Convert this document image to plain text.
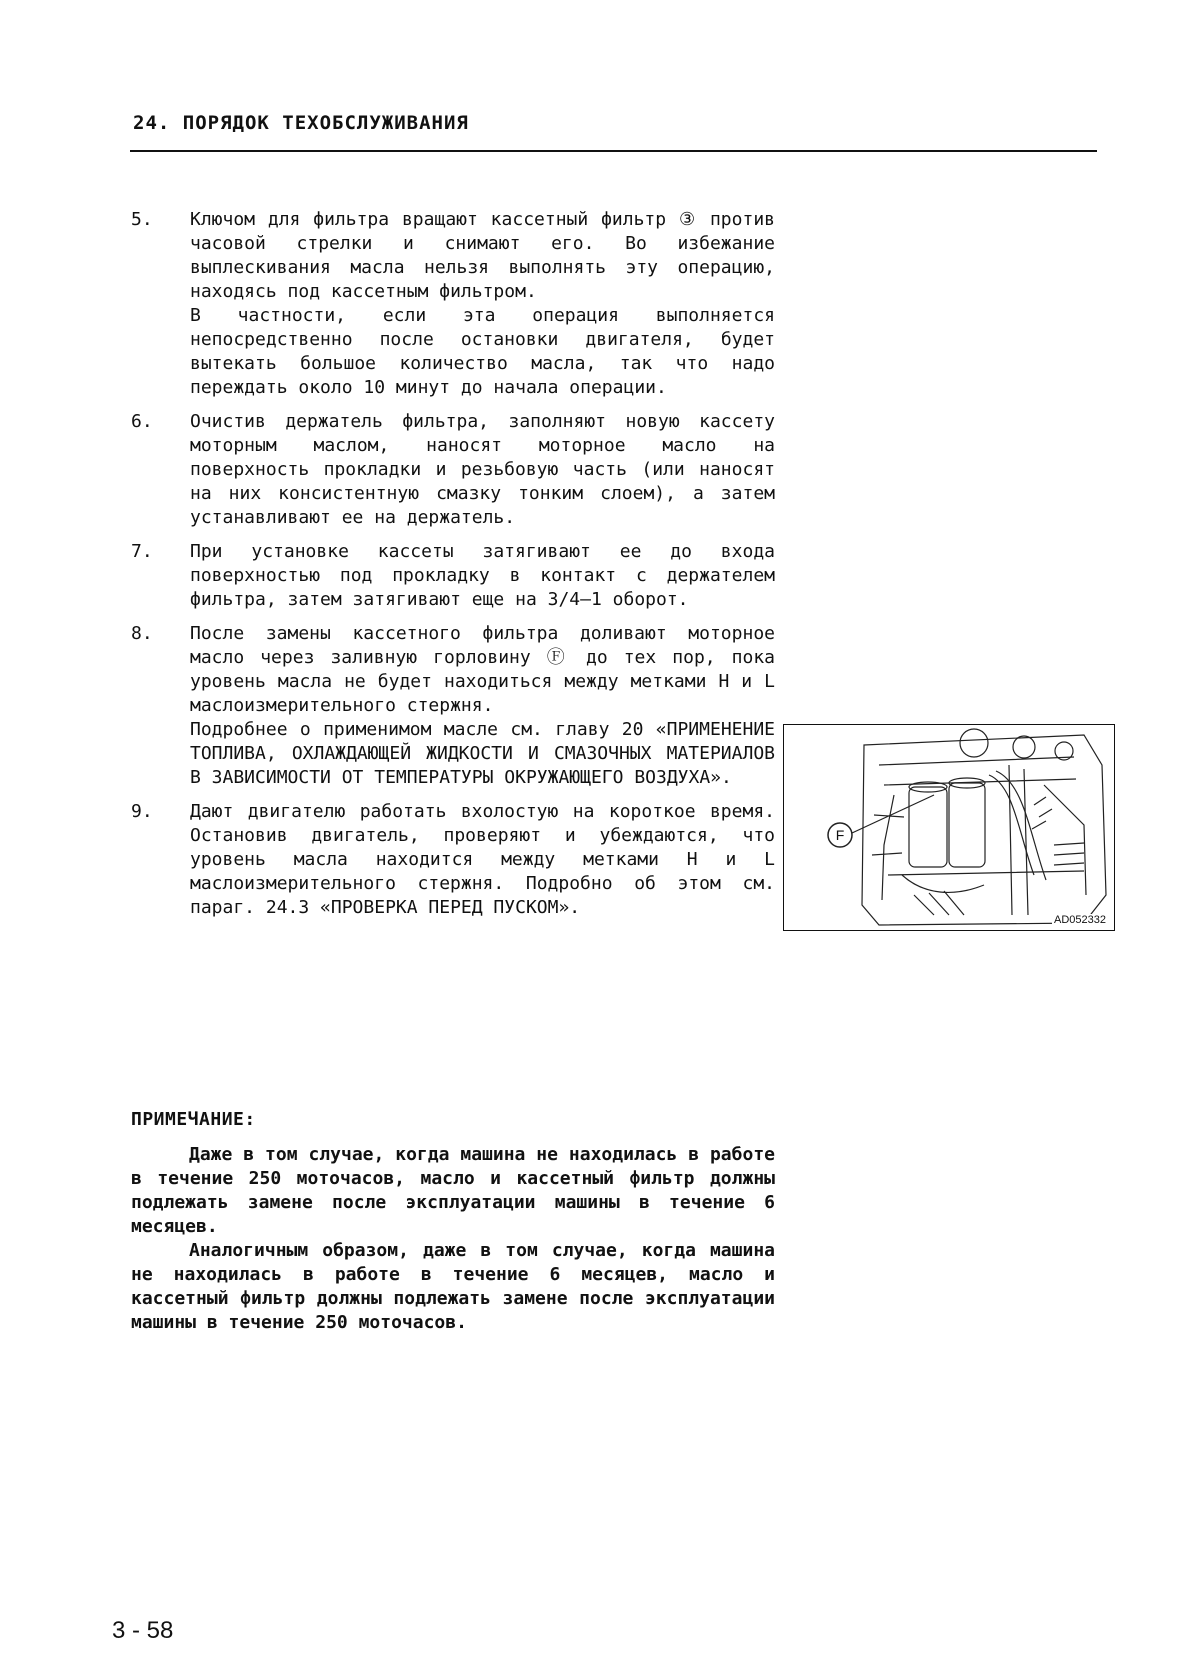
24. ПОРЯДОК ТЕХОБСЛУЖИВАНИЯ
5. Ключом для фильтра вращают кассетный фильтр ③ против часовой стрелки и снимают его. Во избежание выплескивания масла нельзя выполнять эту операцию, находясь под кассетным фильтром.

В частности, если эта операция выполняется непосредственно после остановки двигателя, будет вытекать большое количество масла, так что надо переждать около 10 минут до начала операции.

6. Очистив держатель фильтра, заполняют новую кассету моторным маслом, наносят моторное масло на поверхность прокладки и резьбовую часть (или наносят на них консистентную смазку тонким слоем), а затем устанавливают ее на держатель.

7. При установке кассеты затягивают ее до входа поверхностью под прокладку в контакт с держателем фильтра, затем затягивают еще на 3/4—1 оборот.

8. После замены кассетного фильтра доливают моторное масло через заливную горловину Ⓕ до тех пор, пока уровень масла не будет находиться между метками H и L маслоизмерительного стержня.

Подробнее о применимом масле см. главу 20 «ПРИМЕНЕНИЕ ТОПЛИВА, ОХЛАЖДАЮЩЕЙ ЖИДКОСТИ И СМАЗОЧНЫХ МАТЕРИАЛОВ В ЗАВИСИМОСТИ ОТ ТЕМПЕРАТУРЫ ОКРУЖАЮЩЕГО ВОЗДУХА».

9. Дают двигателю работать вхолостую на короткое время. Остановив двигатель, проверяют и убеждаются, что уровень масла находится между метками H и L маслоизмерительного стержня. Подробно об этом см. параг. 24.3 «ПРОВЕРКА ПЕРЕД ПУСКОМ».

F
AD052332
ПРИМЕЧАНИЕ:

Даже в том случае, когда машина не находилась в работе в течение 250 моточасов, масло и кассетный фильтр должны подлежать замене после эксплуатации машины в течение 6 месяцев.

Аналогичным образом, даже в том случае, когда машина не находилась в работе в течение 6 месяцев, масло и кассетный фильтр должны подлежать замене после эксплуатации машины в течение 250 моточасов.

3 - 58
